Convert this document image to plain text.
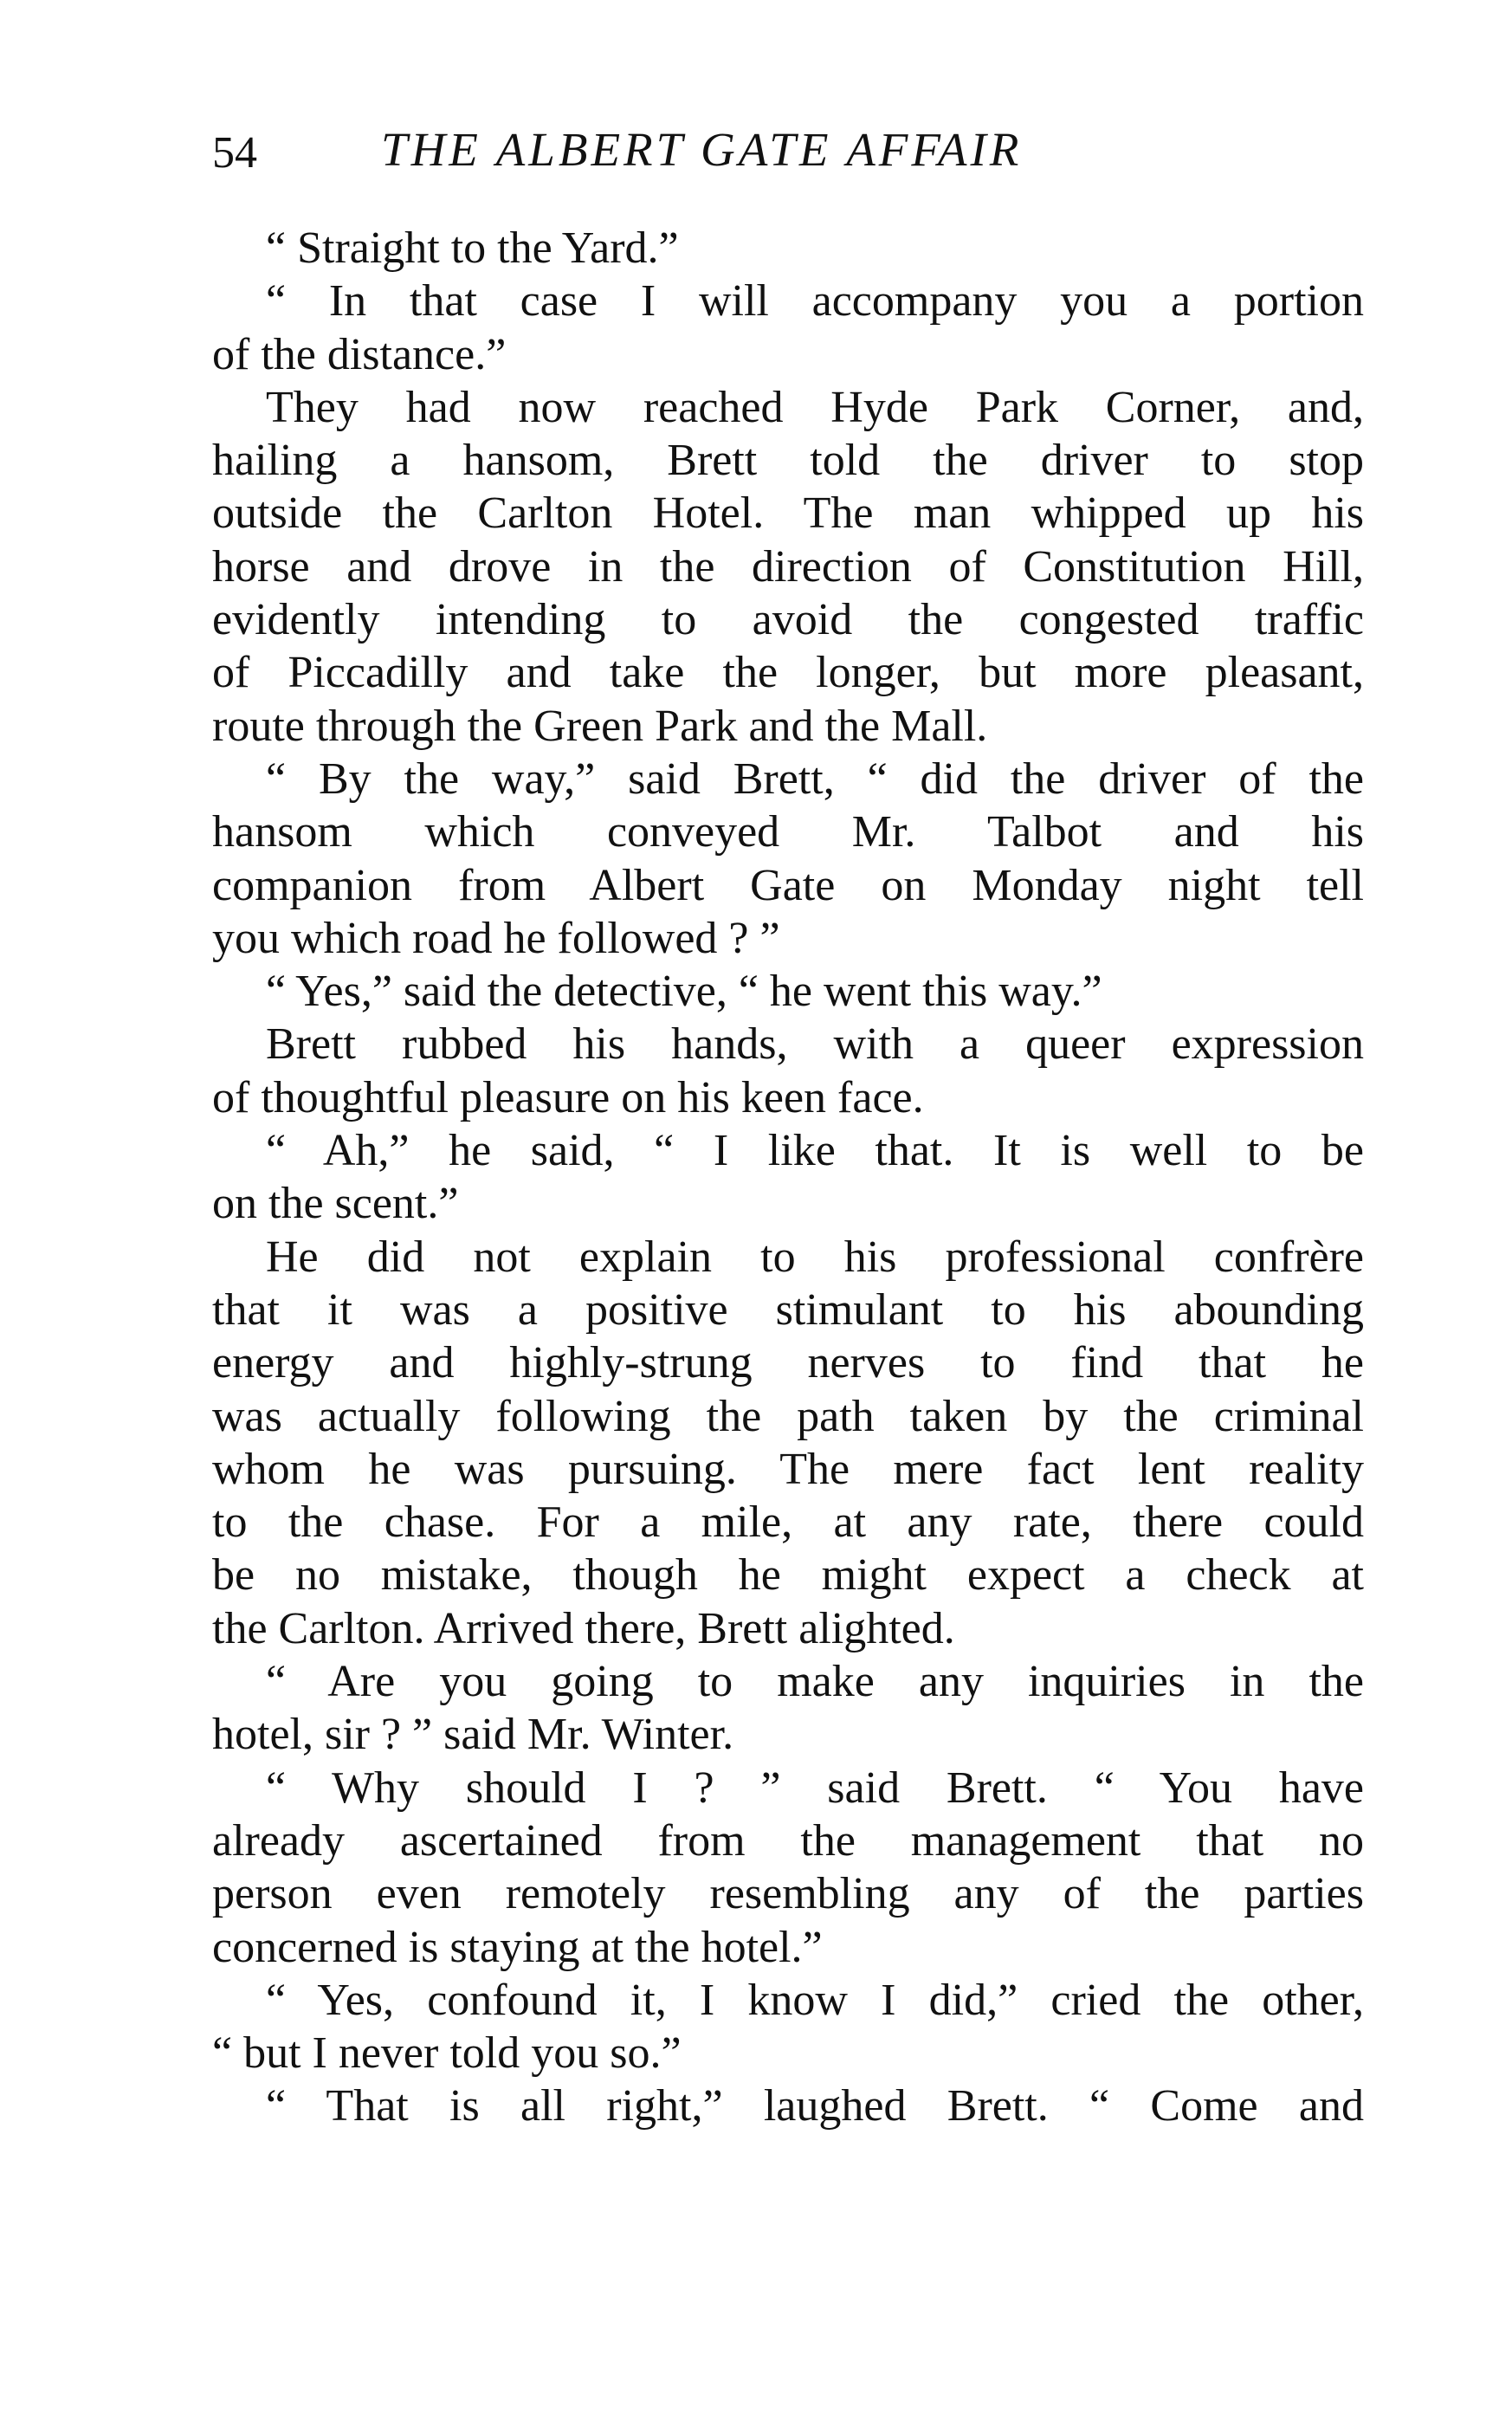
54	THE ALBERT GATE AFFAIR
“ Straight to the Yard.”
“ In that case I will accompany you a portion
of the distance.”
They had now reached Hyde Park Corner, and,
hailing a hansom, Brett told the driver to stop
outside the Carlton Hotel. The man whipped up his
horse and drove in the direction of Constitution Hill,
evidently intending to avoid the congested traffic
of Piccadilly and take the longer, but more pleasant,
route through the Green Park and the Mall.
“ By the way,” said Brett, “ did the driver of the
hansom which conveyed Mr. Talbot and his
companion from Albert Gate on Monday night tell
you which road he followed ? ”
“ Yes,” said the detective, “ he went this way.”
Brett rubbed his hands, with a queer expression
of thoughtful pleasure on his keen face.
“ Ah,” he said, “ I like that. It is well to be
on the scent.”
He did not explain to his professional confrère
that it was a positive stimulant to his abounding
energy and highly-strung nerves to find that he
was actually following the path taken by the criminal
whom he was pursuing. The mere fact lent reality
to the chase. For a mile, at any rate, there could
be no mistake, though he might expect a check at
the Carlton. Arrived there, Brett alighted.
“ Are you going to make any inquiries in the
hotel, sir ? ” said Mr. Winter.
“ Why should I ? ” said Brett. “ You have
already ascertained from the management that no
person even remotely resembling any of the parties
concerned is staying at the hotel.”
“ Yes, confound it, I know I did,” cried the other,
“ but I never told you so.”
“ That is all right,” laughed Brett. “ Come and
